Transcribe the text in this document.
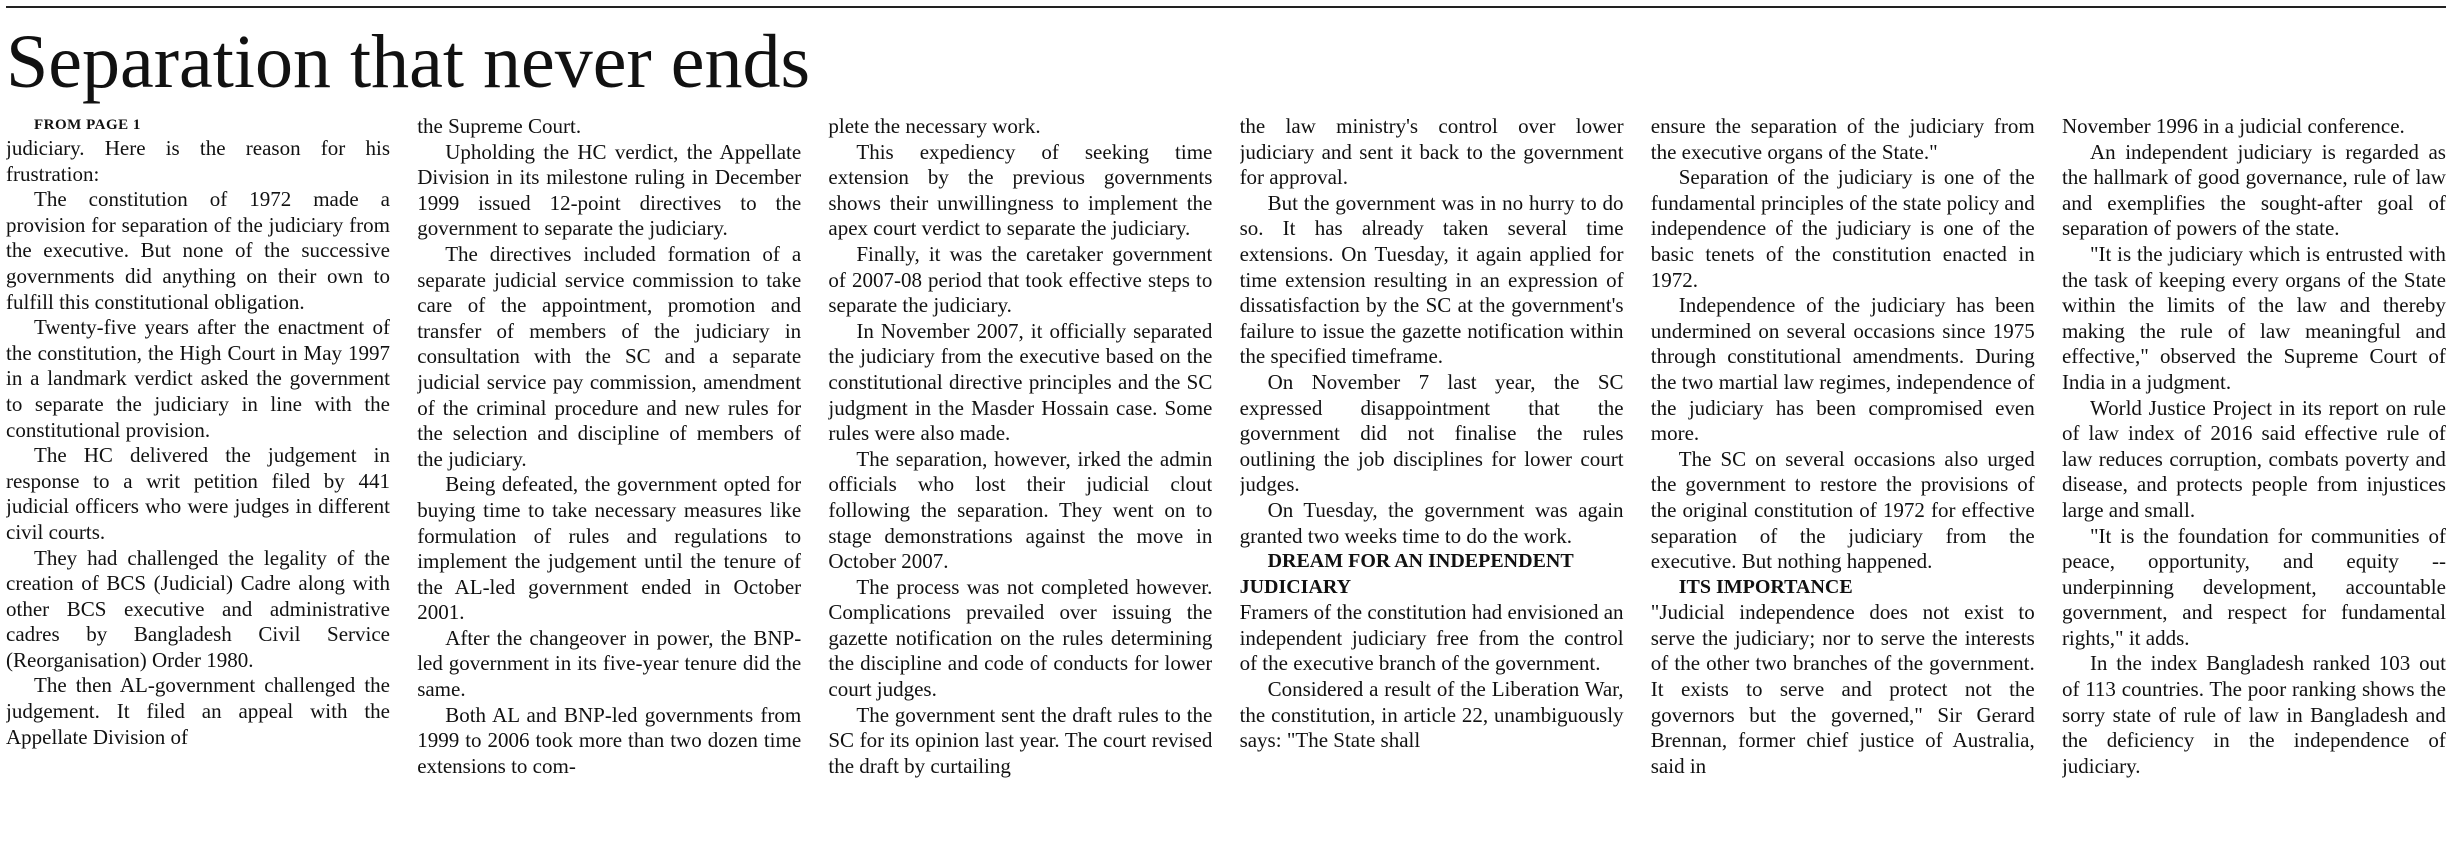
Separation that never ends

FROM PAGE 1

judiciary. Here is the reason for his frustration:

The constitution of 1972 made a provision for separation of the judiciary from the executive. But none of the successive governments did anything on their own to fulfill this constitutional obligation.

Twenty-five years after the enactment of the constitution, the High Court in May 1997 in a landmark verdict asked the government to separate the judiciary in line with the constitutional provision.

The HC delivered the judgement in response to a writ petition filed by 441 judicial officers who were judges in different civil courts.

They had challenged the legality of the creation of BCS (Judicial) Cadre along with other BCS executive and administrative cadres by Bangladesh Civil Service (Reorganisation) Order 1980.

The then AL-government challenged the judgement. It filed an appeal with the Appellate Division of

the Supreme Court.

Upholding the HC verdict, the Appellate Division in its milestone ruling in December 1999 issued 12-point directives to the government to separate the judiciary.

The directives included formation of a separate judicial service commission to take care of the appointment, promotion and transfer of members of the judiciary in consultation with the SC and a separate judicial service pay commission, amendment of the criminal procedure and new rules for the selection and discipline of members of the judiciary.

Being defeated, the government opted for buying time to take necessary measures like formulation of rules and regulations to implement the judgement until the tenure of the AL-led government ended in October 2001.

After the changeover in power, the BNP-led government in its five-year tenure did the same.

Both AL and BNP-led governments from 1999 to 2006 took more than two dozen time extensions to com-

plete the necessary work.

This expediency of seeking time extension by the previous governments shows their unwillingness to implement the apex court verdict to separate the judiciary.

Finally, it was the caretaker government of 2007-08 period that took effective steps to separate the judiciary.

In November 2007, it officially separated the judiciary from the executive based on the constitutional directive principles and the SC judgment in the Masder Hossain case. Some rules were also made.

The separation, however, irked the admin officials who lost their judicial clout following the separation. They went on to stage demonstrations against the move in October 2007.

The process was not completed however. Complications prevailed over issuing the gazette notification on the rules determining the discipline and code of conducts for lower court judges.

The government sent the draft rules to the SC for its opinion last year. The court revised the draft by curtailing

the law ministry's control over lower judiciary and sent it back to the government for approval.

But the government was in no hurry to do so. It has already taken several time extensions. On Tuesday, it again applied for time extension resulting in an expression of dissatisfaction by the SC at the government's failure to issue the gazette notification within the specified timeframe.

On November 7 last year, the SC expressed disappointment that the government did not finalise the rules outlining the job disciplines for lower court judges.

On Tuesday, the government was again granted two weeks time to do the work.

DREAM FOR AN INDEPENDENT JUDICIARY

Framers of the constitution had envisioned an independent judiciary free from the control of the executive branch of the government.

Considered a result of the Liberation War, the constitution, in article 22, unambiguously says: "The State shall

ensure the separation of the judiciary from the executive organs of the State."

Separation of the judiciary is one of the fundamental principles of the state policy and independence of the judiciary is one of the basic tenets of the constitution enacted in 1972.

Independence of the judiciary has been undermined on several occasions since 1975 through constitutional amendments. During the two martial law regimes, independence of the judiciary has been compromised even more.

The SC on several occasions also urged the government to restore the provisions of the original constitution of 1972 for effective separation of the judiciary from the executive. But nothing happened.

ITS IMPORTANCE

"Judicial independence does not exist to serve the judiciary; nor to serve the interests of the other two branches of the government. It exists to serve and protect not the governors but the governed," Sir Gerard Brennan, former chief justice of Australia, said in

November 1996 in a judicial conference.

An independent judiciary is regarded as the hallmark of good governance, rule of law and exemplifies the sought-after goal of separation of powers of the state.

"It is the judiciary which is entrusted with the task of keeping every organs of the State within the limits of the law and thereby making the rule of law meaningful and effective," observed the Supreme Court of India in a judgment.

World Justice Project in its report on rule of law index of 2016 said effective rule of law reduces corruption, combats poverty and disease, and protects people from injustices large and small.

"It is the foundation for communities of peace, opportunity, and equity -- underpinning development, accountable government, and respect for fundamental rights," it adds.

In the index Bangladesh ranked 103 out of 113 countries. The poor ranking shows the sorry state of rule of law in Bangladesh and the deficiency in the independence of judiciary.
